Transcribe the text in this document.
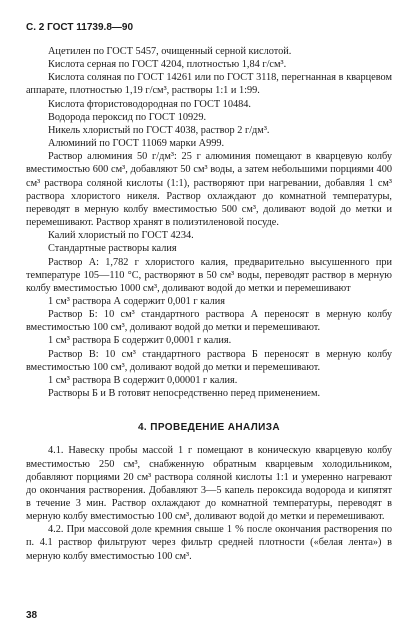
С. 2 ГОСТ 11739.8—90

Ацетилен по ГОСТ 5457, очищенный серной кислотой.

Кислота серная по ГОСТ 4204, плотностью 1,84 г/см³.

Кислота соляная по ГОСТ 14261 или по ГОСТ 3118, перегнанная в кварцевом аппарате, плотностью 1,19 г/см³, растворы 1:1 и 1:99.

Кислота фтористоводородная по ГОСТ 10484.

Водорода пероксид по ГОСТ 10929.

Никель хлористый по ГОСТ 4038, раствор 2 г/дм³.

Алюминий по ГОСТ 11069 марки А999.

Раствор алюминия 50 г/дм³: 25 г алюминия помещают в кварцевую колбу вместимостью 600 см³, добавляют 50 см³ воды, а затем небольшими порциями 400 см³ раствора соляной кислоты (1:1), растворяют при нагревании, добавляя 1 см³ раствора хлористого никеля. Раствор охлаждают до комнатной температуры, переводят в мерную колбу вместимостью 500 см³, доливают водой до метки и перемешивают. Раствор хранят в полиэтиленовой посуде.

Калий хлористый по ГОСТ 4234.

Стандартные растворы калия

Раствор А: 1,782 г хлористого калия, предварительно высушенного при температуре 105—110 °С, растворяют в 50 см³ воды, переводят раствор в мерную колбу вместимостью 1000 см³, доливают водой до метки и перемешивают

1 см³ раствора А содержит 0,001 г калия

Раствор Б: 10 см³ стандартного раствора А переносят в мерную колбу вместимостью 100 см³, доливают водой до метки и перемешивают.

1 см³ раствора Б содержит 0,0001 г калия.

Раствор В: 10 см³ стандартного раствора Б переносят в мерную колбу вместимостью 100 см³, доливают водой до метки и перемешивают.

1 см³ раствора В содержит 0,00001 г калия.

Растворы Б и В готовят непосредственно перед применением.

4. ПРОВЕДЕНИЕ АНАЛИЗА

4.1. Навеску пробы массой 1 г помещают в коническую кварцевую колбу вместимостью 250 см³, снабженную обратным кварцевым холодильником, добавляют порциями 20 см³ раствора соляной кислоты 1:1 и умеренно нагревают до окончания растворения. Добавляют 3—5 капель пероксида водорода и кипятят в течение 3 мин. Раствор охлаждают до комнатной температуры, переводят в мерную колбу вместимостью 100 см³, доливают водой до метки и перемешивают.

4.2. При массовой доле кремния свыше 1 % после окончания растворения по п. 4.1 раствор фильтруют через фильтр средней плотности («белая лента») в мерную колбу вместимостью 100 см³.

38
